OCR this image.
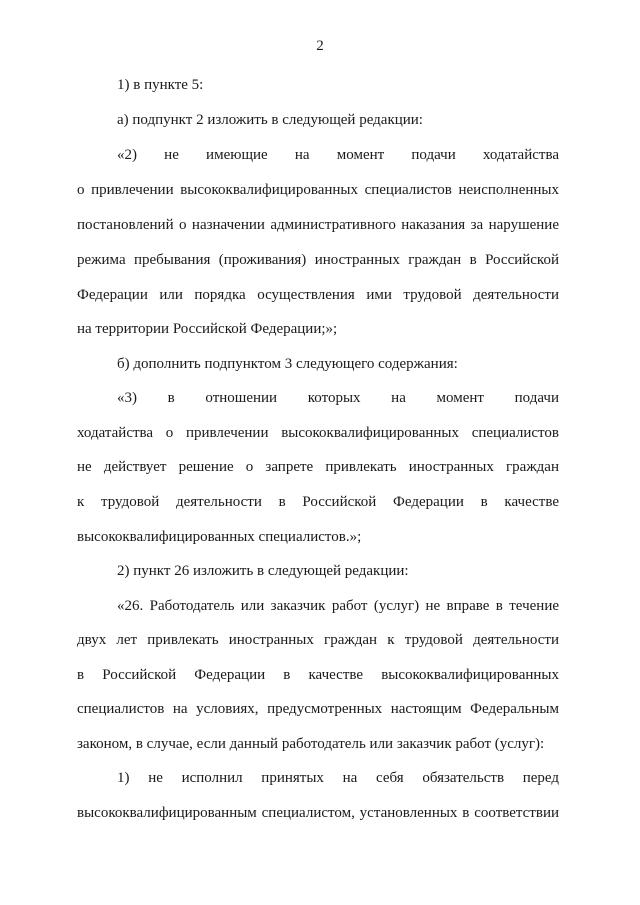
2
1) в пункте 5:
а) подпункт 2 изложить в следующей редакции:
«2) не имеющие на момент подачи ходатайства
о привлечении высококвалифицированных специалистов неисполненных
постановлений о назначении административного наказания за нарушение
режима пребывания (проживания) иностранных граждан в Российской
Федерации или порядка осуществления ими трудовой деятельности
на территории Российской Федерации;»;
б) дополнить подпунктом 3 следующего содержания:
«3) в отношении которых на момент подачи
ходатайства о привлечении высококвалифицированных специалистов
не действует решение о запрете привлекать иностранных граждан
к трудовой деятельности в Российской Федерации в качестве
высококвалифицированных специалистов.»;
2) пункт 26 изложить в следующей редакции:
«26. Работодатель или заказчик работ (услуг) не вправе в течение
двух лет привлекать иностранных граждан к трудовой деятельности
в Российской Федерации в качестве высококвалифицированных
специалистов на условиях, предусмотренных настоящим Федеральным
законом, в случае, если данный работодатель или заказчик работ (услуг):
1) не исполнил принятых на себя обязательств перед
высококвалифицированным специалистом, установленных в соответствии
